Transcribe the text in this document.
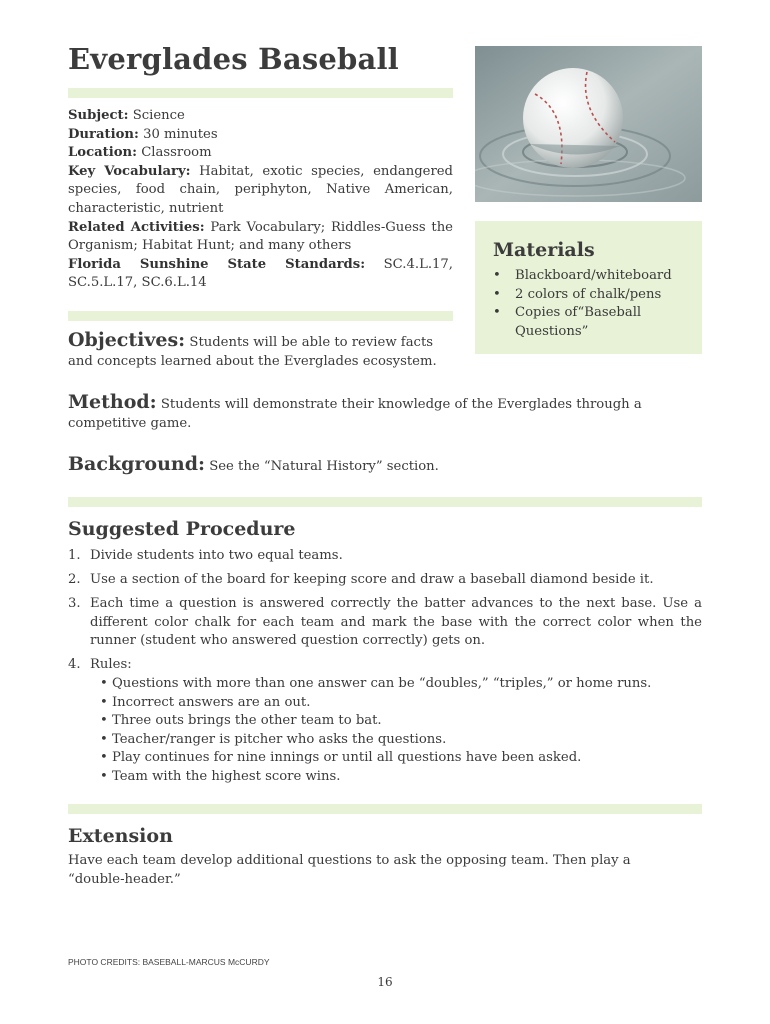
Everglades Baseball

Subject: Science

Duration: 30 minutes

Location: Classroom

Key Vocabulary: Habitat, exotic species, endangered species, food chain, periphyton, Native American, characteristic, nutrient

Related Activities: Park Vocabulary; Riddles-Guess the Organism; Habitat Hunt; and many others

Florida Sunshine State Standards: SC.4.L.17, SC.5.L.17, SC.6.L.14

Materials
• Blackboard/whiteboard
• 2 colors of chalk/pens
• Copies of“Baseball Questions”

Objectives: Students will be able to review facts and concepts learned about the Everglades ecosystem.

Method: Students will demonstrate their knowledge of the Everglades through a competitive game.

Background: See the “Natural History” section.

Suggested Procedure
1. Divide students into two equal teams.
2. Use a section of the board for keeping score and draw a baseball diamond beside it.
3. Each time a question is answered correctly the batter advances to the next base. Use a different color chalk for each team and mark the base with the correct color when the runner (student who answered question correctly) gets on.
4. Rules:
• Questions with more than one answer can be “doubles,” “triples,” or home runs.
• Incorrect answers are an out.
• Three outs brings the other team to bat.
• Teacher/ranger is pitcher who asks the questions.
• Play continues for nine innings or until all questions have been asked.
• Team with the highest score wins.
Extension

Have each team develop additional questions to ask the opposing team. Then play a “double-header.”

PHOTO CREDITS: BASEBALL-MARCUS McCURDY

16
